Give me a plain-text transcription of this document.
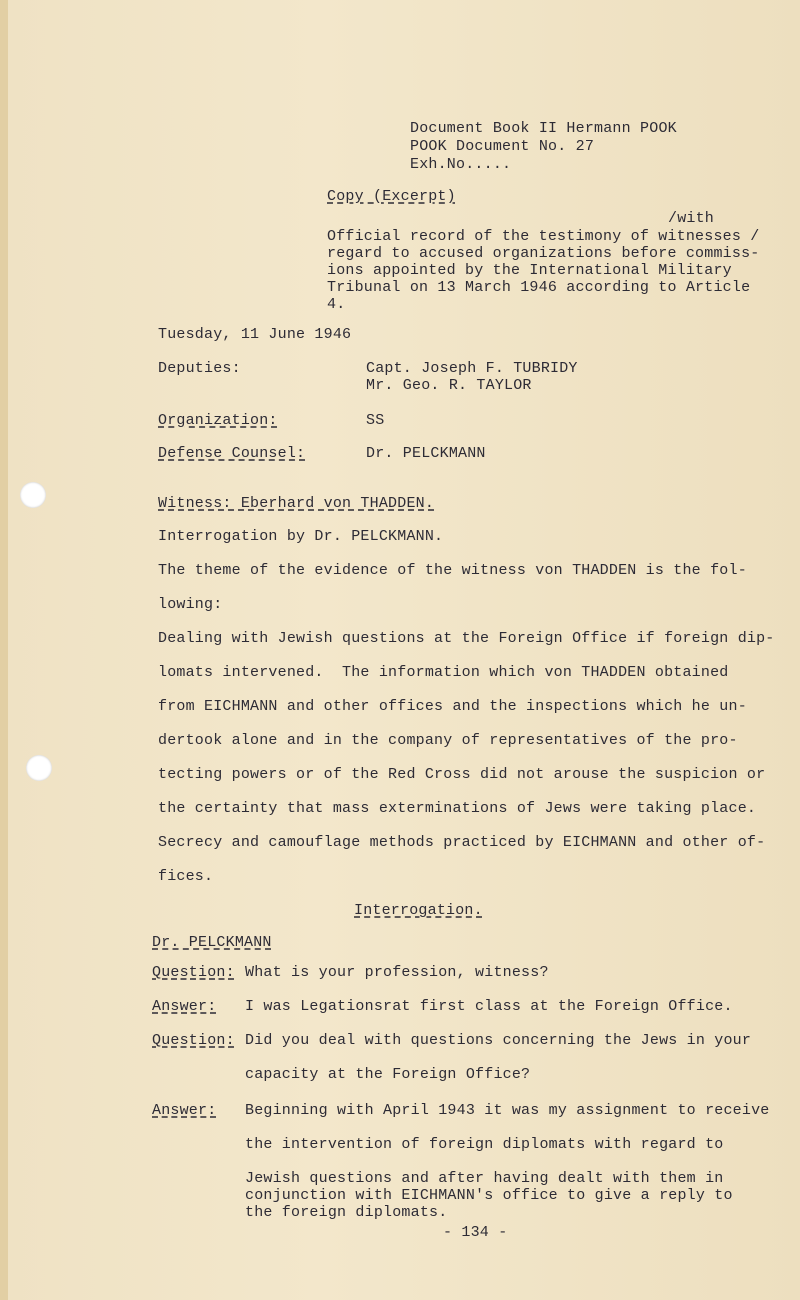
Document Book II Hermann POOK
POOK Document No. 27
Exh.No.....
Copy (Excerpt)
/with
Official record of the testimony of witnesses /
regard to accused organizations before commiss-
ions appointed by the International Military
Tribunal on 13 March 1946 according to Article
4.
Tuesday, 11 June 1946
Deputies:	Capt. Joseph F. TUBRIDY
Mr. Geo. R. TAYLOR
Organization:	SS
Defense Counsel:	Dr. PELCKMANN
Witness: Eberhard von THADDEN.
Interrogation by Dr. PELCKMANN.
The theme of the evidence of the witness von THADDEN is the fol-
lowing:
Dealing with Jewish questions at the Foreign Office if foreign dip-
lomats intervened.  The information which von THADDEN obtained
from EICHMANN and other offices and the inspections which he un-
dertook alone and in the company of representatives of the pro-
tecting powers or of the Red Cross did not arouse the suspicion or
the certainty that mass exterminations of Jews were taking place.
Secrecy and camouflage methods practiced by EICHMANN and other of-
fices.
Interrogation.
Dr. PELCKMANN
Question: What is your profession, witness?
Answer: I was Legationsrat first class at the Foreign Office.
Question: Did you deal with questions concerning the Jews in your
capacity at the Foreign Office?
Answer: Beginning with April 1943 it was my assignment to receive
the intervention of foreign diplomats with regard to
Jewish questions and after having dealt with them in
conjunction with EICHMANN's office to give a reply to
the foreign diplomats.
- 134 -
